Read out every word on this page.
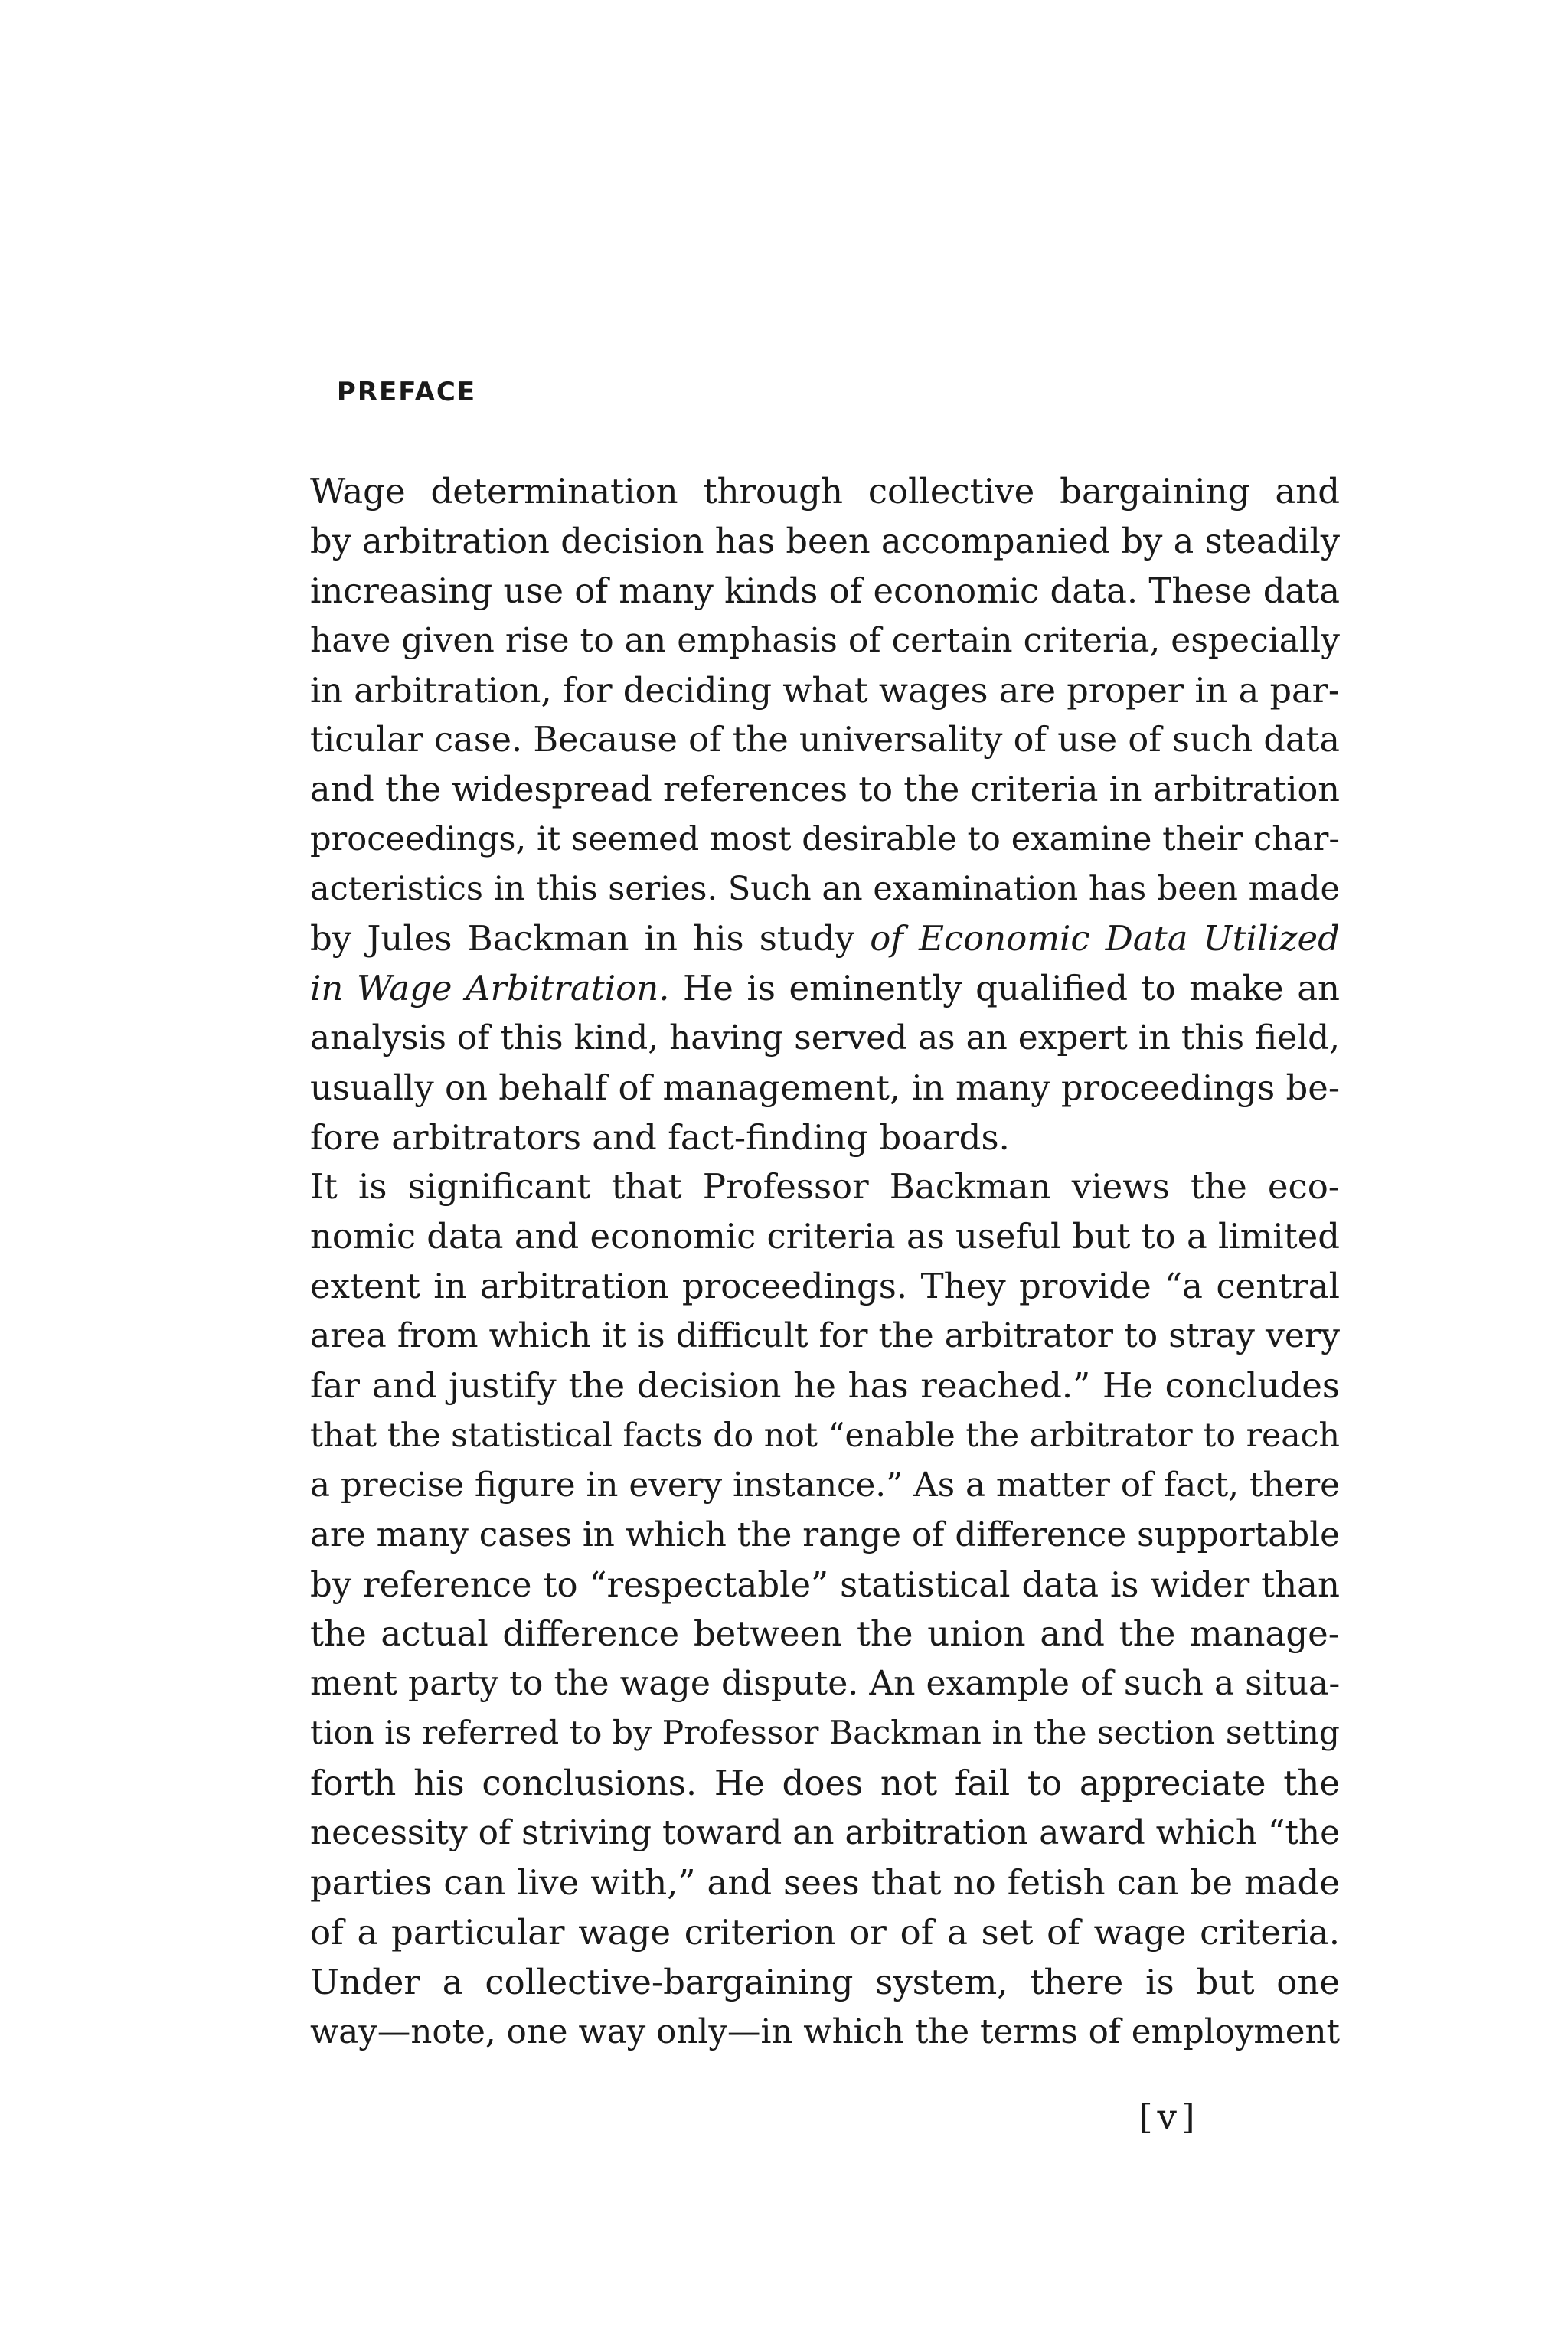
PREFACE
Wage determination through collective bargaining and
by arbitration decision has been accompanied by a steadily
increasing use of many kinds of economic data. These data
have given rise to an emphasis of certain criteria, especially
in arbitration, for deciding what wages are proper in a par-
ticular case. Because of the universality of use of such data
and the widespread references to the criteria in arbitration
proceedings, it seemed most desirable to examine their char-
acteristics in this series. Such an examination has been made
by Jules Backman in his study of Economic Data Utilized
in Wage Arbitration. He is eminently qualified to make an
analysis of this kind, having served as an expert in this field,
usually on behalf of management, in many proceedings be-
fore arbitrators and fact-finding boards.
It is significant that Professor Backman views the eco-
nomic data and economic criteria as useful but to a limited
extent in arbitration proceedings. They provide “a central
area from which it is difficult for the arbitrator to stray very
far and justify the decision he has reached.” He concludes
that the statistical facts do not “enable the arbitrator to reach
a precise figure in every instance.” As a matter of fact, there
are many cases in which the range of difference supportable
by reference to “respectable” statistical data is wider than
the actual difference between the union and the manage-
ment party to the wage dispute. An example of such a situa-
tion is referred to by Professor Backman in the section setting
forth his conclusions. He does not fail to appreciate the
necessity of striving toward an arbitration award which “the
parties can live with,” and sees that no fetish can be made
of a particular wage criterion or of a set of wage criteria.
Under a collective-bargaining system, there is but one
way—note, one way only—in which the terms of employment
[v]
